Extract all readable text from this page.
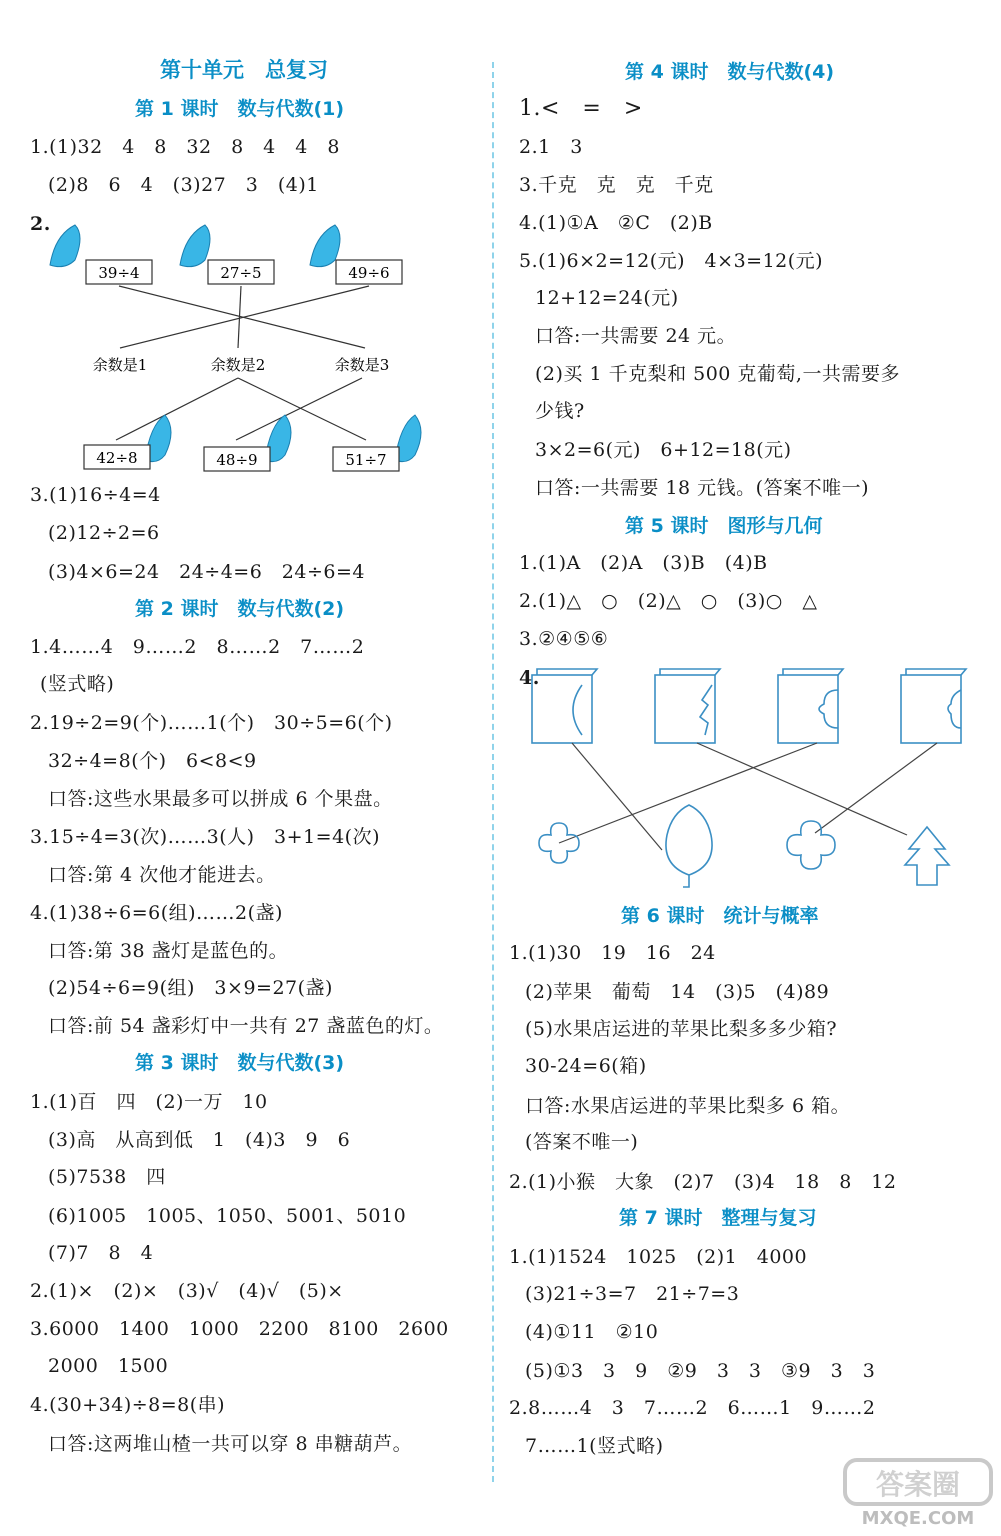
第十单元　总复习
第 1 课时　数与代数(1)
1.(1)32　4　8　32　8　4　4　8
(2)8　6　4　(3)27　3　(4)1
2.
39÷4	27÷5	49÷6
余数是1	余数是2	余数是3
42÷8	48÷9	51÷7
3.(1)16÷4=4
(2)12÷2=6
(3)4×6=24　24÷4=6　24÷6=4
第 2 课时　数与代数(2)
1.4……4　9……2　8……2　7……2
(竖式略)
2.19÷2=9(个)……1(个)　30÷5=6(个)
32÷4=8(个)　6<8<9
口答:这些水果最多可以拼成 6 个果盘。
3.15÷4=3(次)……3(人)　3+1=4(次)
口答:第 4 次他才能进去。
4.(1)38÷6=6(组)……2(盏)
口答:第 38 盏灯是蓝色的。
(2)54÷6=9(组)　3×9=27(盏)
口答:前 54 盏彩灯中一共有 27 盏蓝色的灯。
第 3 课时　数与代数(3)
1.(1)百　四　(2)一万　10
(3)高　从高到低　1　(4)3　9　6
(5)7538　四
(6)1005　1005、1050、5001、5010
(7)7　8　4
2.(1)×　(2)×　(3)√　(4)√　(5)×
3.6000　1400　1000　2200　8100　2600
2000　1500
4.(30+34)÷8=8(串)
口答:这两堆山楂一共可以穿 8 串糖葫芦。
第 4 课时　数与代数(4)
1.<　=　>
2.1　3
3.千克　克　克　千克
4.(1)①A　②C　(2)B
5.(1)6×2=12(元)　4×3=12(元)
12+12=24(元)
口答:一共需要 24 元。
(2)买 1 千克梨和 500 克葡萄,一共需要多
少钱?
3×2=6(元)　6+12=18(元)
口答:一共需要 18 元钱。(答案不唯一)
第 5 课时　图形与几何
1.(1)A　(2)A　(3)B　(4)B
2.(1)△　○　(2)△　○　(3)○　△
3.②④⑤⑥
4.
第 6 课时　统计与概率
1.(1)30　19　16　24
(2)苹果　葡萄　14　(3)5　(4)89
(5)水果店运进的苹果比梨多多少箱?
30-24=6(箱)
口答:水果店运进的苹果比梨多 6 箱。
(答案不唯一)
2.(1)小猴　大象　(2)7　(3)4　18　8　12
第 7 课时　整理与复习
1.(1)1524　1025　(2)1　4000
(3)21÷3=7　21÷7=3
(4)①11　②10
(5)①3　3　9　②9　3　3　③9　3　3
2.8……4　3　7……2　6……1　9……2
7……1(竖式略)
答案圈
MXQE.COM
